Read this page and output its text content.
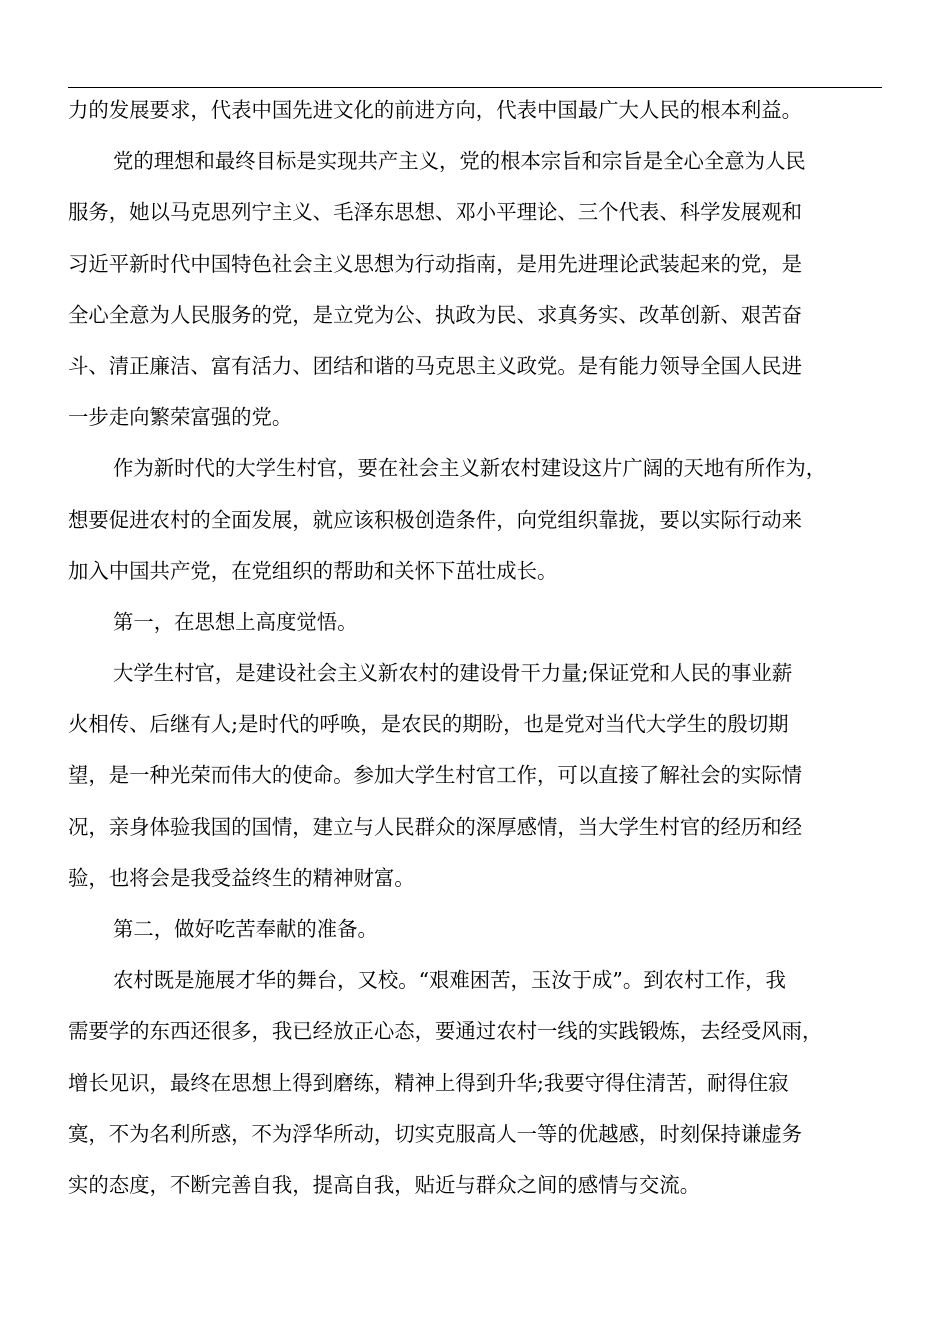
力的发展要求，代表中国先进文化的前进方向，代表中国最广大人民的根本利益。

党的理想和最终目标是实现共产主义，党的根本宗旨和宗旨是全心全意为人民

服务，她以马克思列宁主义、毛泽东思想、邓小平理论、三个代表、科学发展观和

习近平新时代中国特色社会主义思想为行动指南，是用先进理论武装起来的党，是

全心全意为人民服务的党，是立党为公、执政为民、求真务实、改革创新、艰苦奋

斗、清正廉洁、富有活力、团结和谐的马克思主义政党。是有能力领导全国人民进

一步走向繁荣富强的党。

作为新时代的大学生村官，要在社会主义新农村建设这片广阔的天地有所作为，

想要促进农村的全面发展，就应该积极创造条件，向党组织靠拢，要以实际行动来

加入中国共产党，在党组织的帮助和关怀下茁壮成长。

第一，在思想上高度觉悟。

大学生村官，是建设社会主义新农村的建设骨干力量;保证党和人民的事业薪

火相传、后继有人;是时代的呼唤，是农民的期盼，也是党对当代大学生的殷切期

望，是一种光荣而伟大的使命。参加大学生村官工作，可以直接了解社会的实际情

况，亲身体验我国的国情，建立与人民群众的深厚感情，当大学生村官的经历和经

验，也将会是我受益终生的精神财富。

第二，做好吃苦奉献的准备。

农村既是施展才华的舞台，又校。“艰难困苦，玉汝于成”。到农村工作，我

需要学的东西还很多，我已经放正心态，要通过农村一线的实践锻炼，去经受风雨，

增长见识，最终在思想上得到磨练，精神上得到升华;我要守得住清苦，耐得住寂

寞，不为名利所惑，不为浮华所动，切实克服高人一等的优越感，时刻保持谦虚务

实的态度，不断完善自我，提高自我，贴近与群众之间的感情与交流。
